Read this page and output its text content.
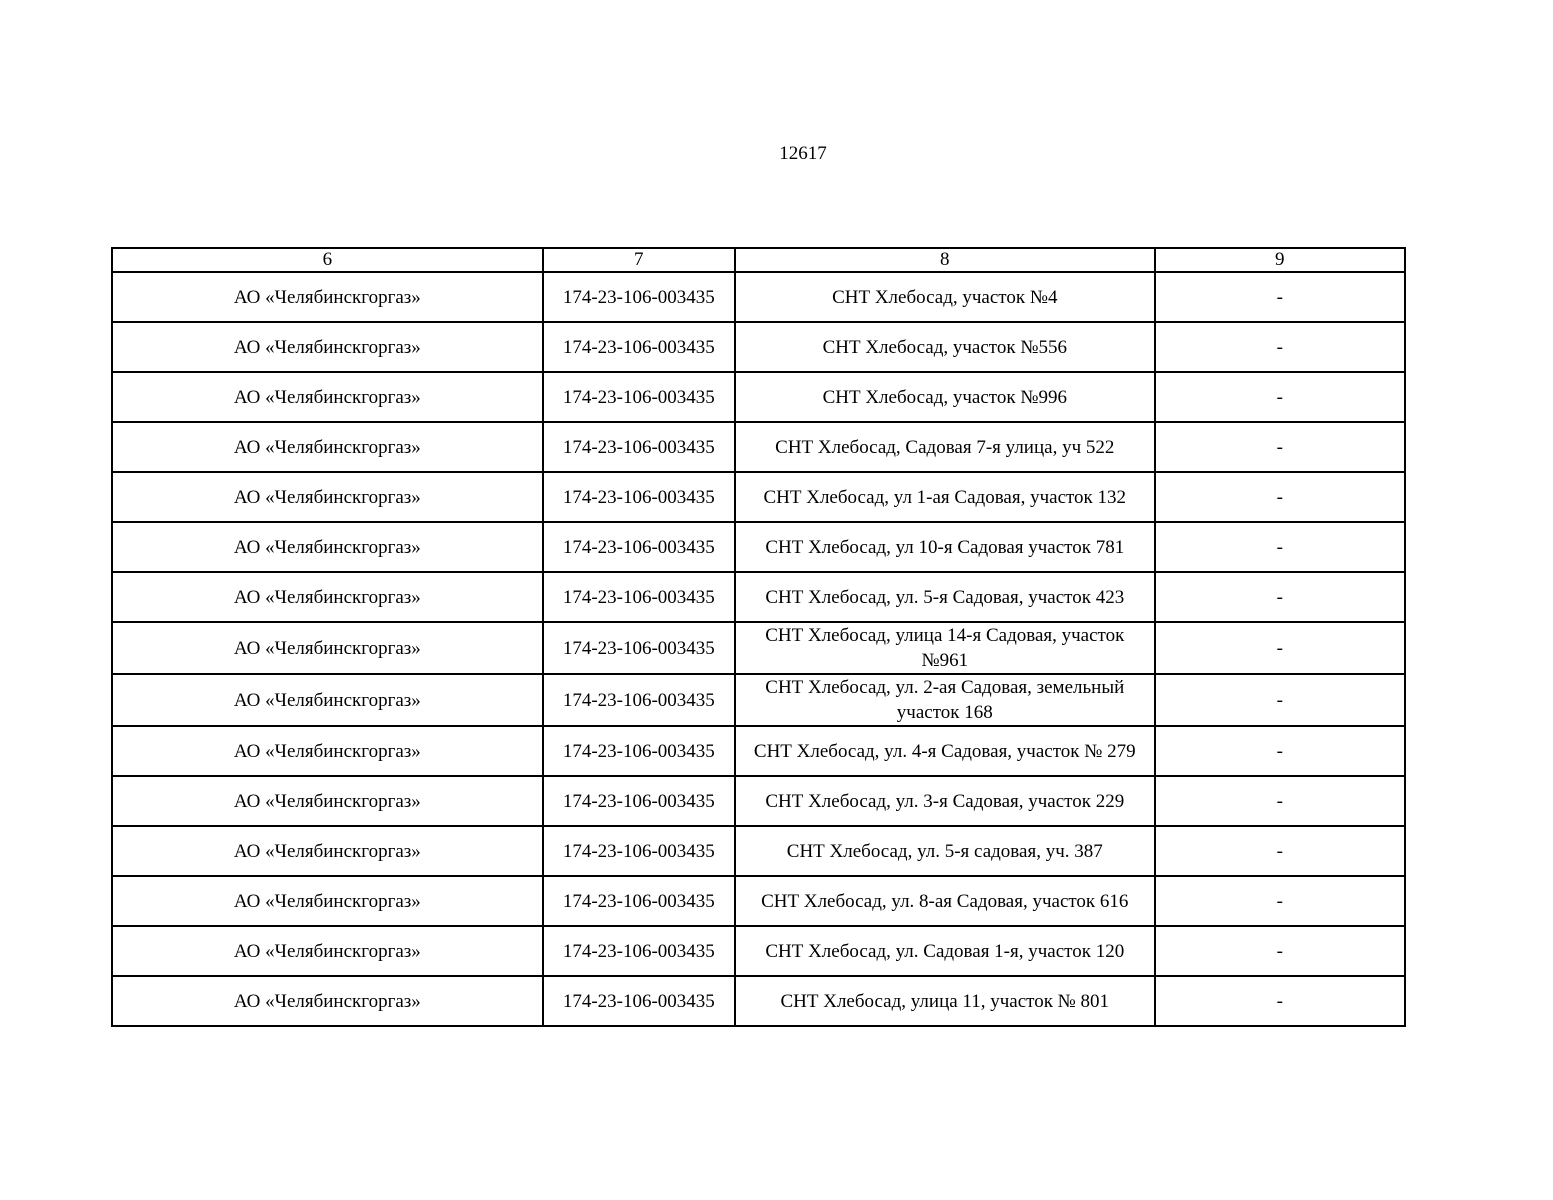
12617
6	7	8	9
АО «Челябинскгоргаз»	174-23-106-003435	СНТ Хлебосад, участок №4	-
АО «Челябинскгоргаз»	174-23-106-003435	СНТ Хлебосад, участок №556	-
АО «Челябинскгоргаз»	174-23-106-003435	СНТ Хлебосад, участок №996	-
АО «Челябинскгоргаз»	174-23-106-003435	СНТ Хлебосад, Садовая 7-я улица, уч 522	-
АО «Челябинскгоргаз»	174-23-106-003435	СНТ Хлебосад, ул 1-ая Садовая, участок 132	-
АО «Челябинскгоргаз»	174-23-106-003435	СНТ Хлебосад, ул 10-я Садовая участок 781	-
АО «Челябинскгоргаз»	174-23-106-003435	СНТ Хлебосад, ул. 5-я Садовая, участок 423	-
АО «Челябинскгоргаз»	174-23-106-003435	СНТ Хлебосад, улица 14-я Садовая, участок №961	-
АО «Челябинскгоргаз»	174-23-106-003435	СНТ Хлебосад, ул. 2-ая Садовая, земельный участок 168	-
АО «Челябинскгоргаз»	174-23-106-003435	СНТ Хлебосад, ул. 4-я Садовая, участок № 279	-
АО «Челябинскгоргаз»	174-23-106-003435	СНТ Хлебосад, ул. 3-я Садовая, участок 229	-
АО «Челябинскгоргаз»	174-23-106-003435	СНТ Хлебосад, ул. 5-я садовая, уч. 387	-
АО «Челябинскгоргаз»	174-23-106-003435	СНТ Хлебосад, ул. 8-ая Садовая, участок 616	-
АО «Челябинскгоргаз»	174-23-106-003435	СНТ Хлебосад, ул. Садовая 1-я, участок 120	-
АО «Челябинскгоргаз»	174-23-106-003435	СНТ Хлебосад, улица 11, участок № 801	-
